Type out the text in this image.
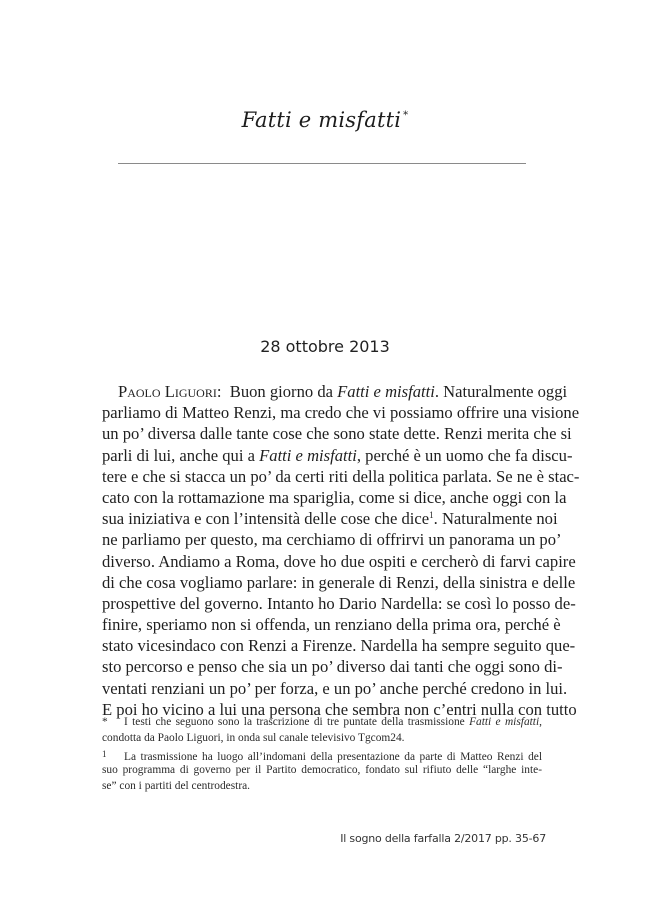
Fatti e misfatti *
28 ottobre 2013
Paolo Liguori:  Buon giorno da Fatti e misfatti. Naturalmente oggi
parliamo di Matteo Renzi, ma credo che vi possiamo offrire una visione
un po’ diversa dalle tante cose che sono state dette. Renzi merita che si
parli di lui, anche qui a Fatti e misfatti, perché è un uomo che fa discu-
tere e che si stacca un po’ da certi riti della politica parlata. Se ne è stac-
cato con la rottamazione ma spariglia, come si dice, anche oggi con la
sua iniziativa e con l’intensità delle cose che dice$^1$. Naturalmente noi
ne parliamo per questo, ma cerchiamo di offrirvi un panorama un po’
diverso. Andiamo a Roma, dove ho due ospiti e cercherò di farvi capire
di che cosa vogliamo parlare: in generale di Renzi, della sinistra e delle
prospettive del governo. Intanto ho Dario Nardella: se così lo posso de-
finire, speriamo non si offenda, un renziano della prima ora, perché è
stato vicesindaco con Renzi a Firenze. Nardella ha sempre seguito que-
sto percorso e penso che sia un po’ diverso dai tanti che oggi sono di-
ventati renziani un po’ per forza, e un po’ anche perché credono in lui.
E poi ho vicino a lui una persona che sembra non c’entri nulla con tutto
* I testi che seguono sono la trascrizione di tre puntate della trasmissione Fatti e misfatti,
condotta da Paolo Liguori, in onda sul canale televisivo Tgcom24.
1 La trasmissione ha luogo all’indomani della presentazione da parte di Matteo Renzi del
suo programma di governo per il Partito democratico, fondato sul rifiuto delle “larghe inte-
se” con i partiti del centrodestra.
Il sogno della farfalla 2/2017 pp. 35-67
